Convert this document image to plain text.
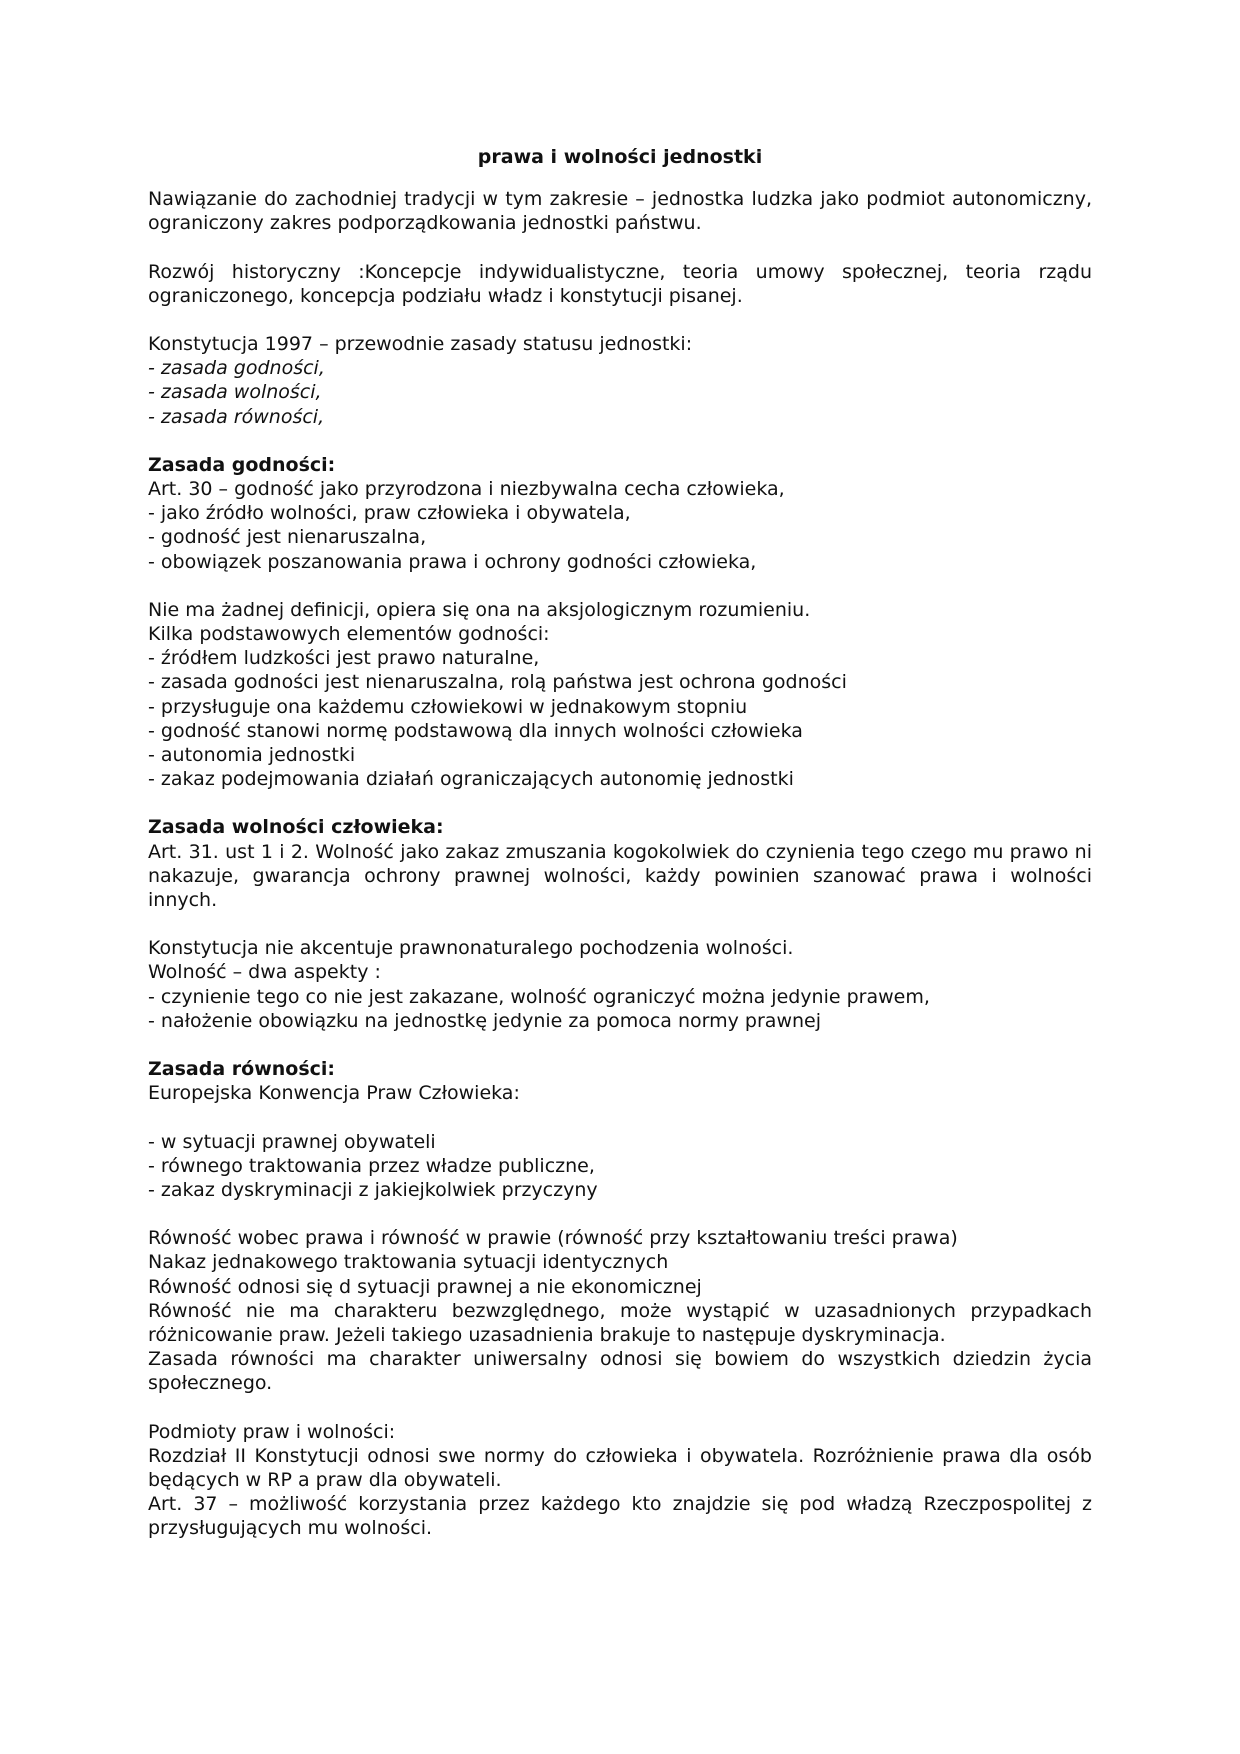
prawa i wolności jednostki
Nawiązanie do zachodniej tradycji w tym zakresie – jednostka ludzka jako podmiot autonomiczny, ograniczony zakres podporządkowania jednostki państwu.
Rozwój historyczny :Koncepcje indywidualistyczne, teoria umowy społecznej, teoria rządu ograniczonego, koncepcja podziału władz i konstytucji pisanej.
Konstytucja 1997 – przewodnie zasady statusu jednostki:
- zasada godności,
- zasada wolności,
- zasada równości,
Zasada godności:
Art. 30 – godność jako przyrodzona i niezbywalna cecha człowieka,
- jako źródło wolności, praw człowieka i obywatela,
- godność jest nienaruszalna,
- obowiązek poszanowania prawa i ochrony godności człowieka,
Nie ma żadnej definicji, opiera się ona na aksjologicznym rozumieniu.
Kilka podstawowych elementów godności:
- źródłem ludzkości jest prawo naturalne,
- zasada godności jest nienaruszalna, rolą państwa jest ochrona godności
- przysługuje ona każdemu człowiekowi w jednakowym stopniu
- godność stanowi normę podstawową dla innych wolności człowieka
- autonomia jednostki
- zakaz podejmowania działań ograniczających autonomię jednostki
Zasada wolności człowieka:
Art. 31. ust 1 i 2. Wolność jako zakaz zmuszania kogokolwiek do czynienia tego czego mu prawo ni nakazuje, gwarancja ochrony prawnej wolności, każdy powinien szanować prawa i wolności innych.
Konstytucja nie akcentuje prawnonaturalego pochodzenia wolności.
Wolność – dwa aspekty :
- czynienie tego co nie jest zakazane, wolność ograniczyć można jedynie prawem,
- nałożenie obowiązku na jednostkę jedynie za pomoca normy prawnej
Zasada równości:
Europejska Konwencja Praw Człowieka:
- w sytuacji prawnej obywateli
- równego traktowania przez władze publiczne,
- zakaz dyskryminacji z jakiejkolwiek przyczyny
Równość wobec prawa i równość w prawie (równość przy kształtowaniu treści prawa)
Nakaz jednakowego traktowania sytuacji identycznych
Równość odnosi się d sytuacji prawnej a nie ekonomicznej
Równość nie ma charakteru bezwzględnego, może wystąpić w uzasadnionych przypadkach różnicowanie praw. Jeżeli takiego uzasadnienia brakuje to następuje dyskryminacja.
Zasada równości ma charakter uniwersalny odnosi się bowiem do wszystkich dziedzin życia społecznego.
Podmioty praw i wolności:
Rozdział II Konstytucji odnosi swe normy do człowieka i obywatela. Rozróżnienie prawa dla osób będących w RP a praw dla obywateli.
Art. 37 – możliwość korzystania przez każdego kto znajdzie się pod władzą Rzeczpospolitej z przysługujących mu wolności.
